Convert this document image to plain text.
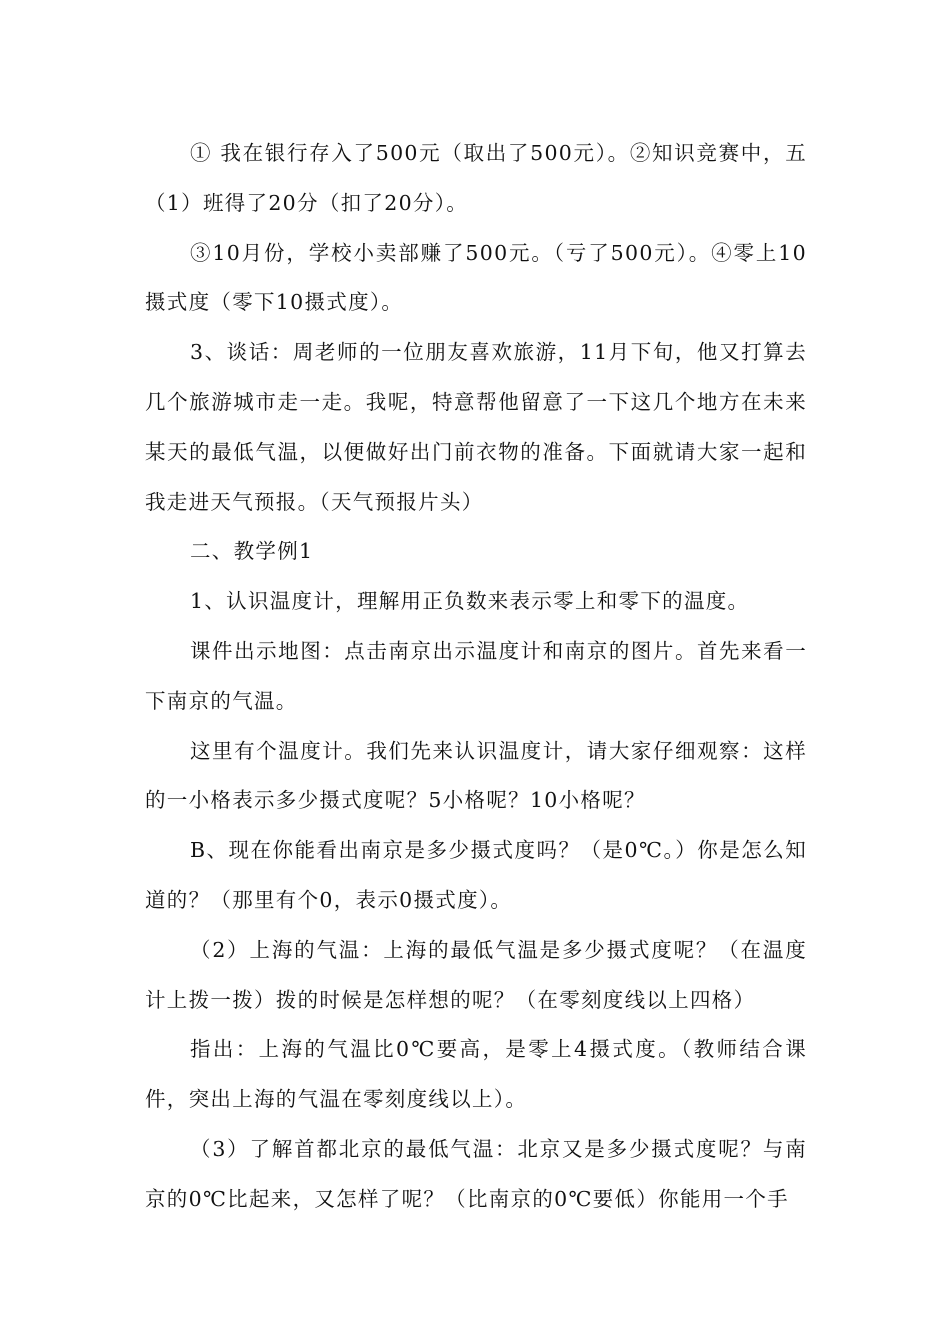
① 我在银行存入了500元（取出了500元）。②知识竞赛中，五（1）班得了20分（扣了20分）。

③10月份，学校小卖部赚了500元。（亏了500元）。④零上10摄式度（零下10摄式度）。

3、谈话：周老师的一位朋友喜欢旅游，11月下旬，他又打算去几个旅游城市走一走。我呢，特意帮他留意了一下这几个地方在未来某天的最低气温，以便做好出门前衣物的准备。下面就请大家一起和我走进天气预报。（天气预报片头）

二、教学例1

1、认识温度计，理解用正负数来表示零上和零下的温度。

课件出示地图：点击南京出示温度计和南京的图片。首先来看一下南京的气温。

这里有个温度计。我们先来认识温度计，请大家仔细观察：这样的一小格表示多少摄式度呢？5小格呢？10小格呢？

B、现在你能看出南京是多少摄式度吗？（是0℃。）你是怎么知道的？（那里有个0，表示0摄式度）。

（2）上海的气温：上海的最低气温是多少摄式度呢？（在温度计上拨一拨）拨的时候是怎样想的呢？（在零刻度线以上四格）

指出：上海的气温比0℃要高，是零上4摄式度。（教师结合课件，突出上海的气温在零刻度线以上）。

（3）了解首都北京的最低气温：北京又是多少摄式度呢？与南京的0℃比起来，又怎样了呢？（比南京的0℃要低）你能用一个手
